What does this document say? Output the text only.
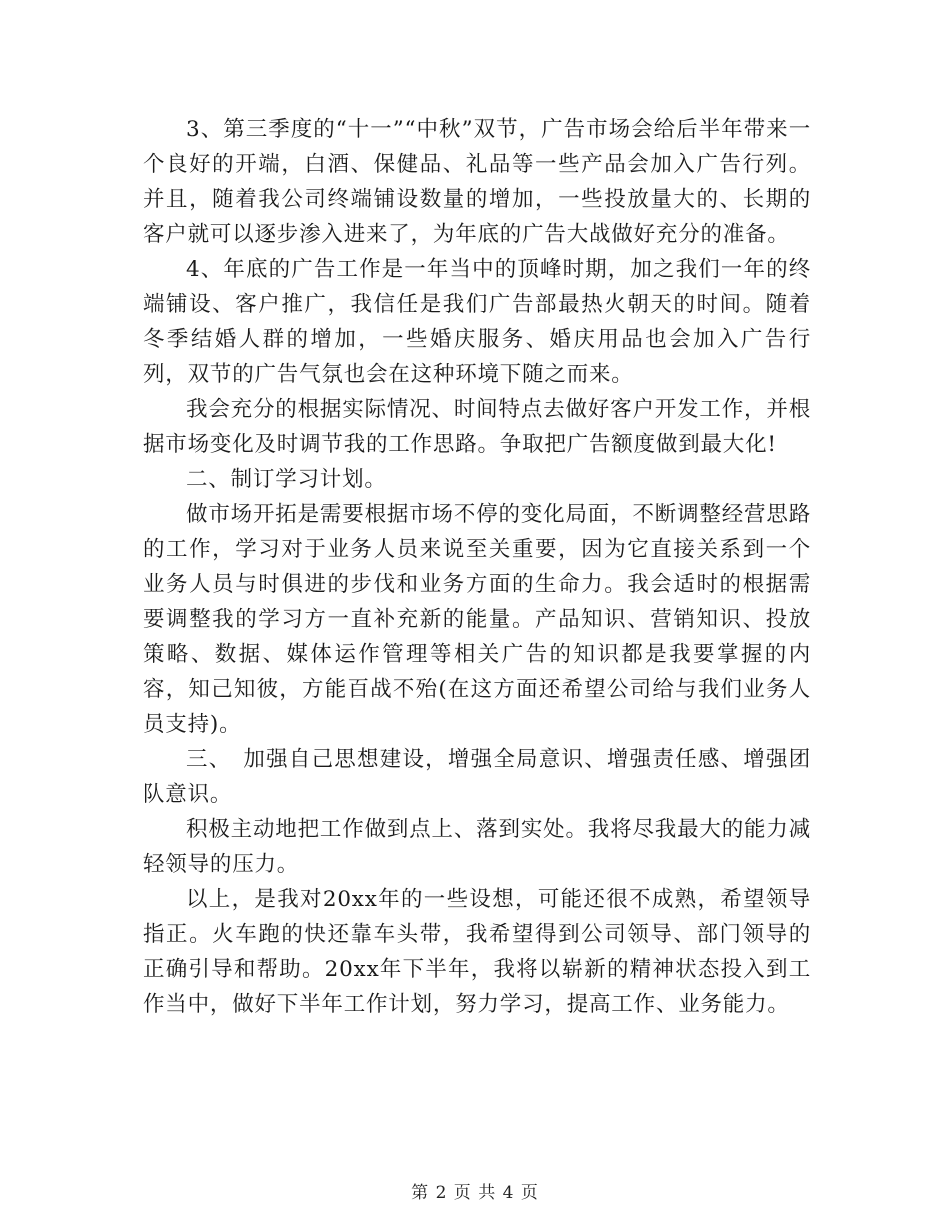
3、第三季度的“十一”“中秋”双节，广告市场会给后半年带来一个良好的开端，白酒、保健品、礼品等一些产品会加入广告行列。并且，随着我公司终端铺设数量的增加，一些投放量大的、长期的客户就可以逐步渗入进来了，为年底的广告大战做好充分的准备。

4、年底的广告工作是一年当中的顶峰时期，加之我们一年的终端铺设、客户推广，我信任是我们广告部最热火朝天的时间。随着冬季结婚人群的增加，一些婚庆服务、婚庆用品也会加入广告行列，双节的广告气氛也会在这种环境下随之而来。

我会充分的根据实际情况、时间特点去做好客户开发工作，并根据市场变化及时调节我的工作思路。争取把广告额度做到最大化!

二、制订学习计划。

做市场开拓是需要根据市场不停的变化局面，不断调整经营思路的工作，学习对于业务人员来说至关重要，因为它直接关系到一个业务人员与时俱进的步伐和业务方面的生命力。我会适时的根据需要调整我的学习方一直补充新的能量。产品知识、营销知识、投放策略、数据、媒体运作管理等相关广告的知识都是我要掌握的内容，知己知彼，方能百战不殆(在这方面还希望公司给与我们业务人员支持)。

三、　加强自己思想建设，增强全局意识、增强责任感、增强团队意识。

积极主动地把工作做到点上、落到实处。我将尽我最大的能力减轻领导的压力。

以上，是我对20xx年的一些设想，可能还很不成熟，希望领导指正。火车跑的快还靠车头带，我希望得到公司领导、部门领导的正确引导和帮助。20xx年下半年，我将以崭新的精神状态投入到工作当中，做好下半年工作计划，努力学习，提高工作、业务能力。

第 2 页 共 4 页
